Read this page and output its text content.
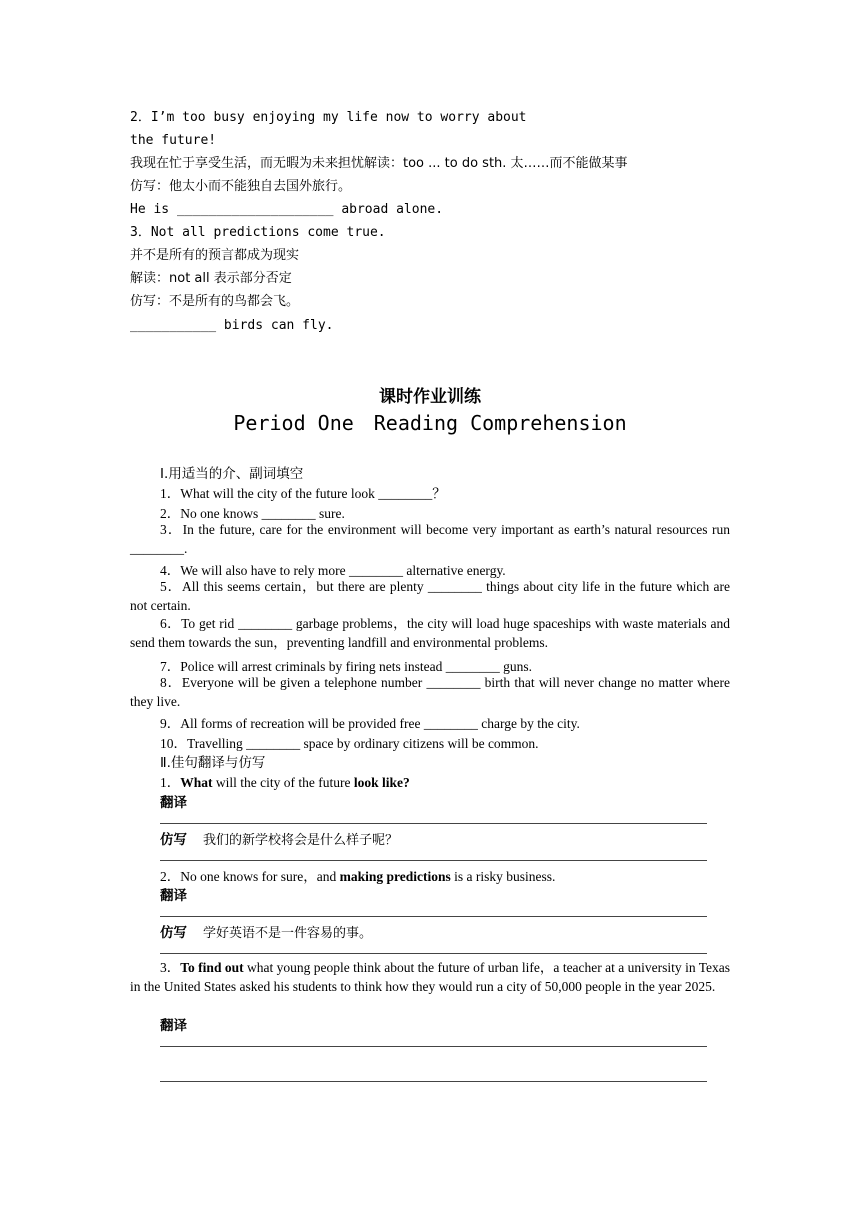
2．I’m too busy enjoying my life now to worry about
the future!
我现在忙于享受生活，而无暇为未来担忧解读：too ... to do sth. 太……而不能做某事
仿写：他太小而不能独自去国外旅行。
He is ____________________ abroad alone.
3．Not all predictions come true.
并不是所有的预言都成为现实
解读：not all 表示部分否定
仿写：不是所有的鸟都会飞。
___________ birds can fly.
课时作业训练
Period One　Reading Comprehension
Ⅰ.用适当的介、副词填空
1．What will the city of the future look ________？
2．No one knows ________ sure.
3．In the future, care for the environment will become very important as earth’s natural resources run ________.
4．We will also have to rely more ________ alternative energy.
5．All this seems certain，but there are plenty ________ things about city life in the future which are not certain.
6．To get rid ________ garbage problems，the city will load huge spaceships with waste materials and send them towards the sun，preventing landfill and environmental problems.
7．Police will arrest criminals by firing nets instead ________ guns.
8．Everyone will be given a telephone number ________ birth that will never change no matter where they live.
9．All forms of recreation will be provided free ________ charge by the city.
10．Travelling ________ space by ordinary citizens will be common.
Ⅱ.佳句翻译与仿写
1．What will the city of the future look like?
翻译
仿写 我们的新学校将会是什么样子呢？
2．No one knows for sure，and making predictions is a risky business.
翻译
仿写 学好英语不是一件容易的事。
3．To find out what young people think about the future of urban life，a teacher at a university in Texas in the United States asked his students to think how they would run a city of 50,000 people in the year 2025.
翻译
